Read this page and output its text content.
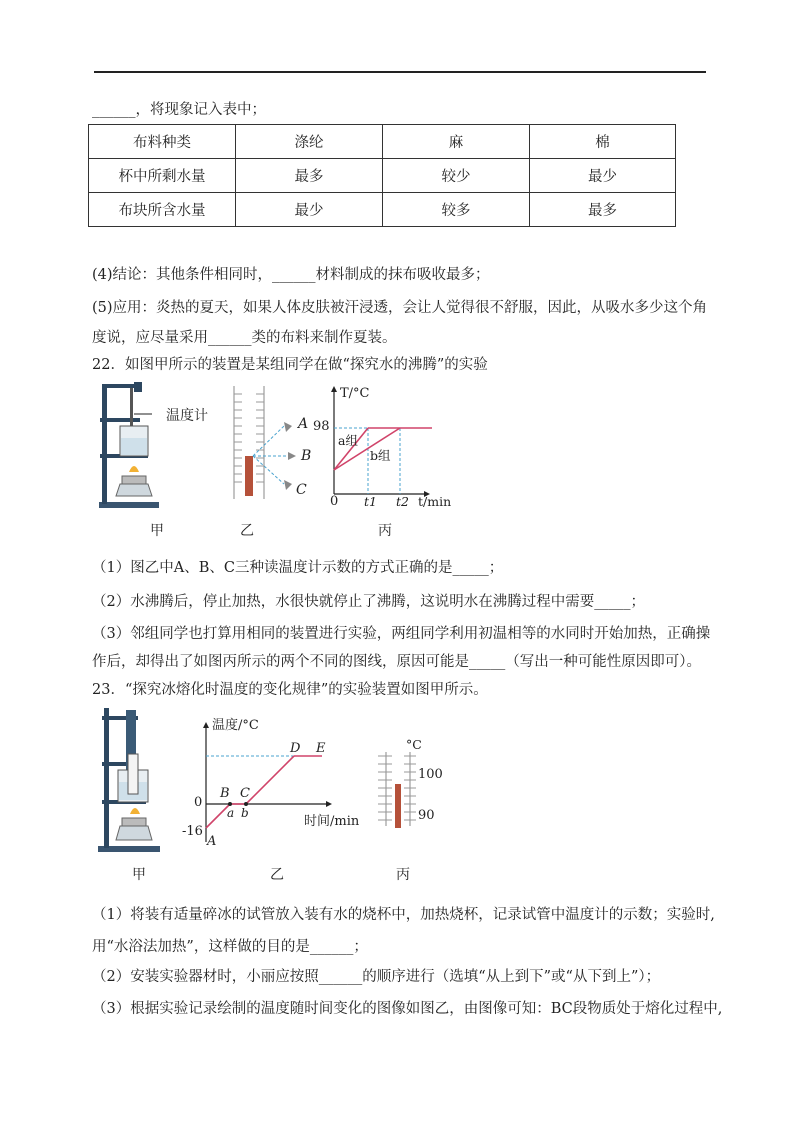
______，将现象记入表中；
布料种类	涤纶	麻	棉
杯中所剩水量	最多	较少	最少
布块所含水量	最少	较多	最多
(4)结论：其他条件相同时，______材料制成的抹布吸收最多；
(5)应用：炎热的夏天，如果人体皮肤被汗浸透，会让人觉得很不舒服，因此，从吸水多少这个角
度说，应尽量采用______类的布料来制作夏装。
22．如图甲所示的装置是某组同学在做“探究水的沸腾”的实验
温度计
甲
A
B
C
乙
T/°C
98
a组
b组
0 t1 t2 t/min
丙
（1）图乙中A、B、C三种读温度计示数的方式正确的是_____；
（2）水沸腾后，停止加热，水很快就停止了沸腾，这说明水在沸腾过程中需要_____；
（3）邻组同学也打算用相同的装置进行实验，两组同学利用初温相等的水同时开始加热，正确操
作后，却得出了如图丙所示的两个不同的图线，原因可能是_____（写出一种可能性原因即可）。
23．“探究冰熔化时温度的变化规律”的实验装置如图甲所示。
甲
温度/°C
0
-16
A
B C
D E
a b
时间/min
乙
°C
100
90
丙
（1）将装有适量碎冰的试管放入装有水的烧杯中，加热烧杯，记录试管中温度计的示数；实验时,
用“水浴法加热”，这样做的目的是______；
（2）安装实验器材时，小丽应按照______的顺序进行（选填“从上到下”或“从下到上”）；
（3）根据实验记录绘制的温度随时间变化的图像如图乙，由图像可知：BC段物质处于熔化过程中,
